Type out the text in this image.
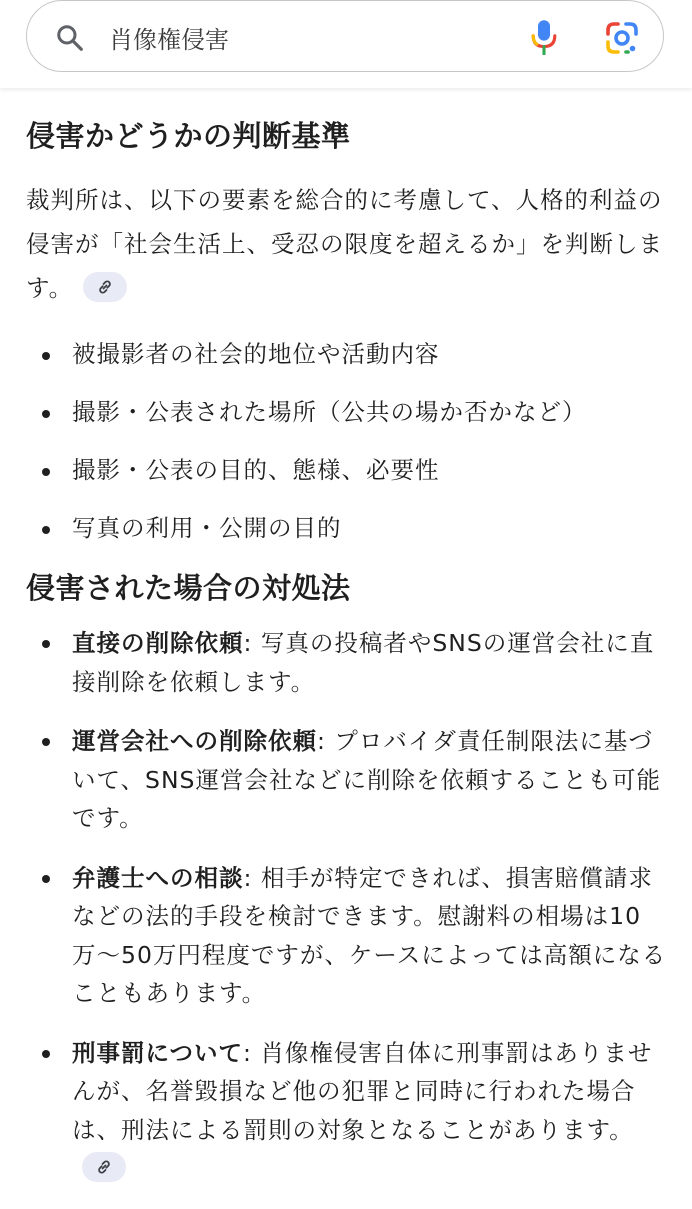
肖像権侵害
侵害かどうかの判断基準

裁判所は、以下の要素を総合的に考慮して、人格的利益の侵害が「社会生活上、受忍の限度を超えるか」を判断します。

被撮影者の社会的地位や活動内容
撮影・公表された場所（公共の場か否かなど）
撮影・公表の目的、態様、必要性
写真の利用・公開の目的
侵害された場合の対処法
直接の削除依頼: 写真の投稿者やSNSの運営会社に直接削除を依頼します。
運営会社への削除依頼: プロバイダ責任制限法に基づいて、SNS運営会社などに削除を依頼することも可能です。
弁護士への相談: 相手が特定できれば、損害賠償請求などの法的手段を検討できます。慰謝料の相場は10万〜50万円程度ですが、ケースによっては高額になることもあります。
刑事罰について: 肖像権侵害自体に刑事罰はありませんが、名誉毀損など他の犯罪と同時に行われた場合は、刑法による罰則の対象となることがあります。
